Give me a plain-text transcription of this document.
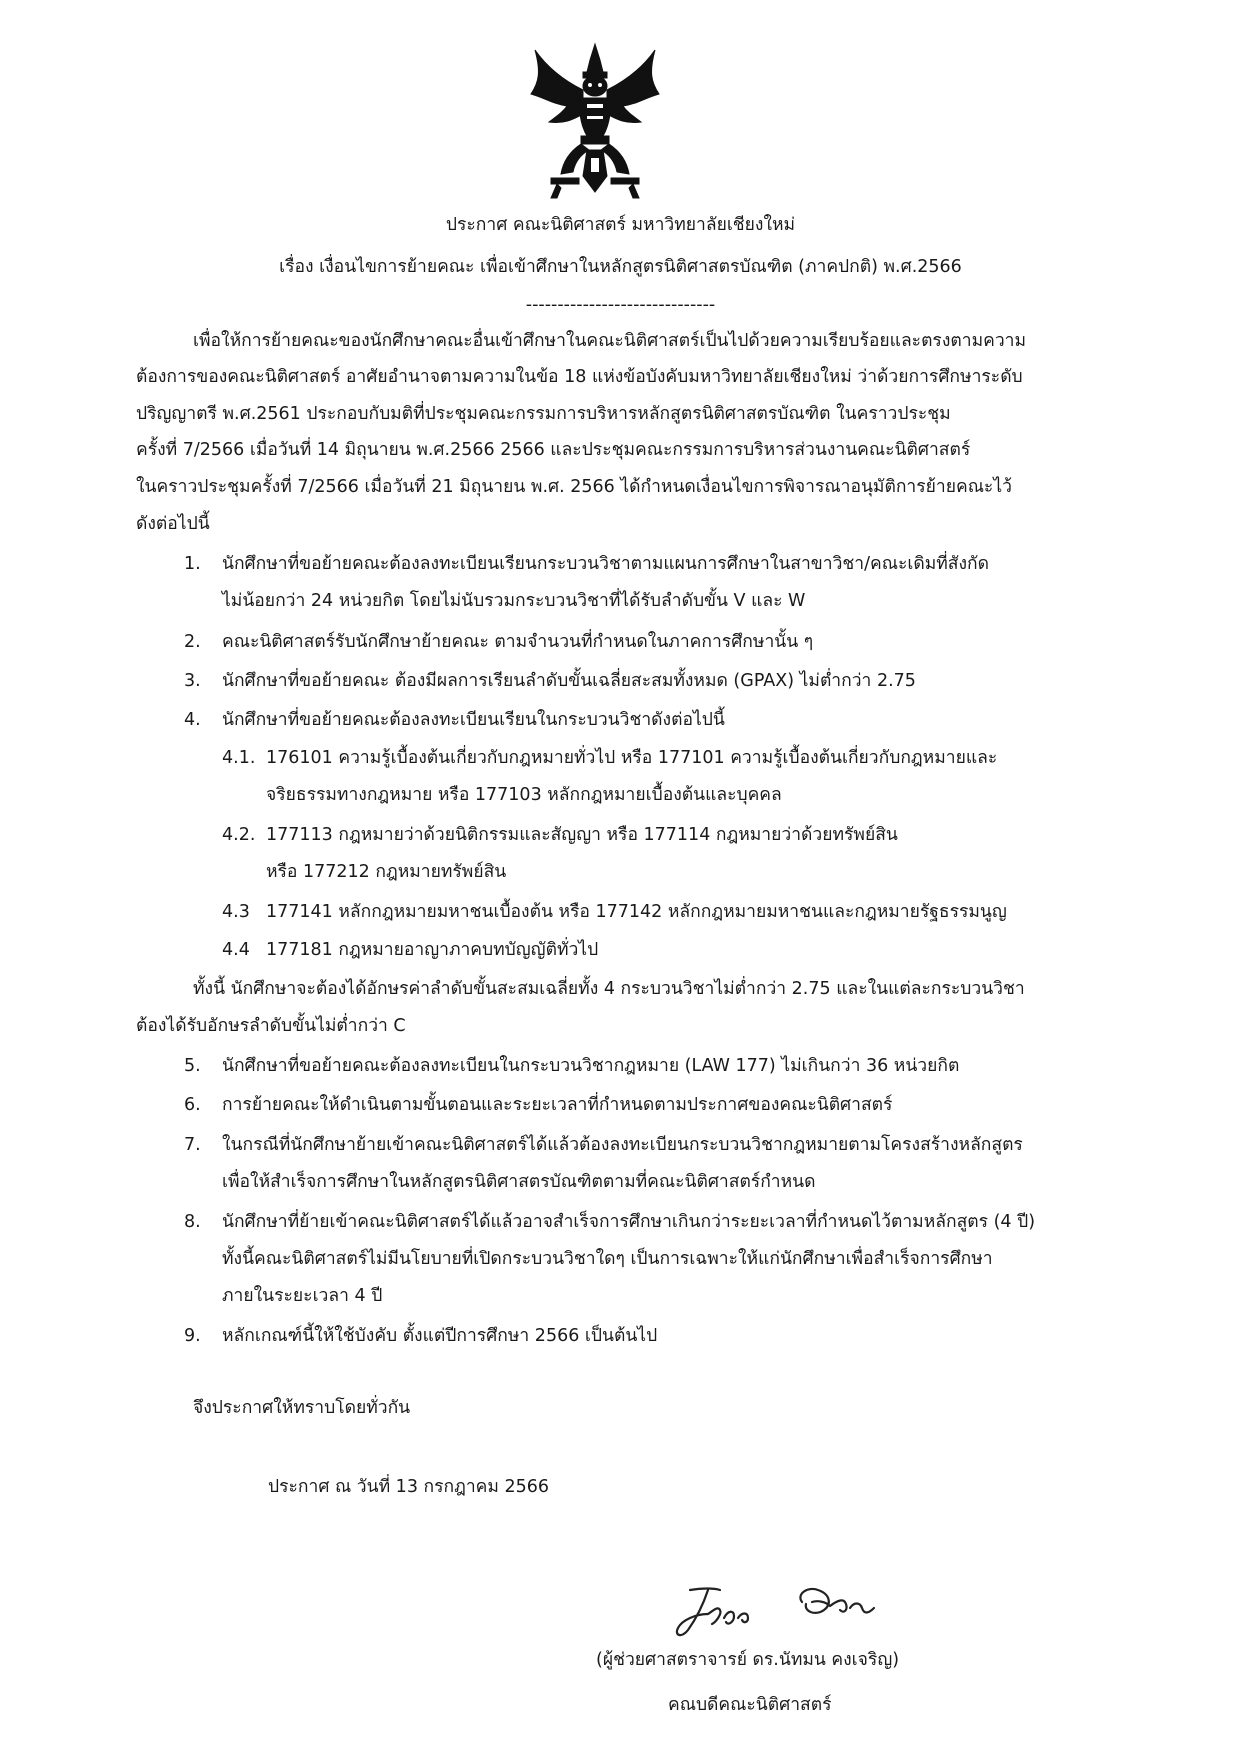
ประกาศ คณะนิติศาสตร์ มหาวิทยาลัยเชียงใหม่
เรื่อง เงื่อนไขการย้ายคณะ เพื่อเข้าศึกษาในหลักสูตรนิติศาสตรบัณฑิต (ภาคปกติ) พ.ศ.2566
------------------------------
เพื่อให้การย้ายคณะของนักศึกษาคณะอื่นเข้าศึกษาในคณะนิติศาสตร์เป็นไปด้วยความเรียบร้อยและตรงตามความ
ต้องการของคณะนิติศาสตร์ อาศัยอำนาจตามความในข้อ 18 แห่งข้อบังคับมหาวิทยาลัยเชียงใหม่ ว่าด้วยการศึกษาระดับ
ปริญญาตรี พ.ศ.2561 ประกอบกับมติที่ประชุมคณะกรรมการบริหารหลักสูตรนิติศาสตรบัณฑิต ในคราวประชุม
ครั้งที่ 7/2566 เมื่อวันที่ 14 มิถุนายน พ.ศ.2566 2566 และประชุมคณะกรรมการบริหารส่วนงานคณะนิติศาสตร์
ในคราวประชุมครั้งที่ 7/2566 เมื่อวันที่ 21 มิถุนายน พ.ศ. 2566 ได้กำหนดเงื่อนไขการพิจารณาอนุมัติการย้ายคณะไว้
ดังต่อไปนี้
1. นักศึกษาที่ขอย้ายคณะต้องลงทะเบียนเรียนกระบวนวิชาตามแผนการศึกษาในสาขาวิชา/คณะเดิมที่สังกัด
ไม่น้อยกว่า 24 หน่วยกิต โดยไม่นับรวมกระบวนวิชาที่ได้รับลำดับขั้น V และ W
2. คณะนิติศาสตร์รับนักศึกษาย้ายคณะ ตามจำนวนที่กำหนดในภาคการศึกษานั้น ๆ
3. นักศึกษาที่ขอย้ายคณะ ต้องมีผลการเรียนลำดับขั้นเฉลี่ยสะสมทั้งหมด (GPAX) ไม่ต่ำกว่า 2.75
4. นักศึกษาที่ขอย้ายคณะต้องลงทะเบียนเรียนในกระบวนวิชาดังต่อไปนี้
4.1. 176101 ความรู้เบื้องต้นเกี่ยวกับกฎหมายทั่วไป หรือ 177101 ความรู้เบื้องต้นเกี่ยวกับกฎหมายและ
จริยธรรมทางกฎหมาย หรือ 177103 หลักกฎหมายเบื้องต้นและบุคคล
4.2. 177113 กฎหมายว่าด้วยนิติกรรมและสัญญา หรือ 177114 กฎหมายว่าด้วยทรัพย์สิน
หรือ 177212 กฎหมายทรัพย์สิน
4.3 177141 หลักกฎหมายมหาชนเบื้องต้น หรือ 177142 หลักกฎหมายมหาชนและกฎหมายรัฐธรรมนูญ
4.4 177181 กฎหมายอาญาภาคบทบัญญัติทั่วไป
ทั้งนี้ นักศึกษาจะต้องได้อักษรค่าลำดับขั้นสะสมเฉลี่ยทั้ง 4 กระบวนวิชาไม่ต่ำกว่า 2.75 และในแต่ละกระบวนวิชา
ต้องได้รับอักษรลำดับขั้นไม่ต่ำกว่า C
5. นักศึกษาที่ขอย้ายคณะต้องลงทะเบียนในกระบวนวิชากฎหมาย (LAW 177) ไม่เกินกว่า 36 หน่วยกิต
6. การย้ายคณะให้ดำเนินตามขั้นตอนและระยะเวลาที่กำหนดตามประกาศของคณะนิติศาสตร์
7. ในกรณีที่นักศึกษาย้ายเข้าคณะนิติศาสตร์ได้แล้วต้องลงทะเบียนกระบวนวิชากฎหมายตามโครงสร้างหลักสูตร
เพื่อให้สำเร็จการศึกษาในหลักสูตรนิติศาสตรบัณฑิตตามที่คณะนิติศาสตร์กำหนด
8. นักศึกษาที่ย้ายเข้าคณะนิติศาสตร์ได้แล้วอาจสำเร็จการศึกษาเกินกว่าระยะเวลาที่กำหนดไว้ตามหลักสูตร (4 ปี)
ทั้งนี้คณะนิติศาสตร์ไม่มีนโยบายที่เปิดกระบวนวิชาใดๆ เป็นการเฉพาะให้แก่นักศึกษาเพื่อสำเร็จการศึกษา
ภายในระยะเวลา 4 ปี
9. หลักเกณฑ์นี้ให้ใช้บังคับ ตั้งแต่ปีการศึกษา 2566 เป็นต้นไป
จึงประกาศให้ทราบโดยทั่วกัน
ประกาศ ณ วันที่ 13 กรกฎาคม 2566
(ผู้ช่วยศาสตราจารย์ ดร.นัทมน คงเจริญ)
คณบดีคณะนิติศาสตร์
